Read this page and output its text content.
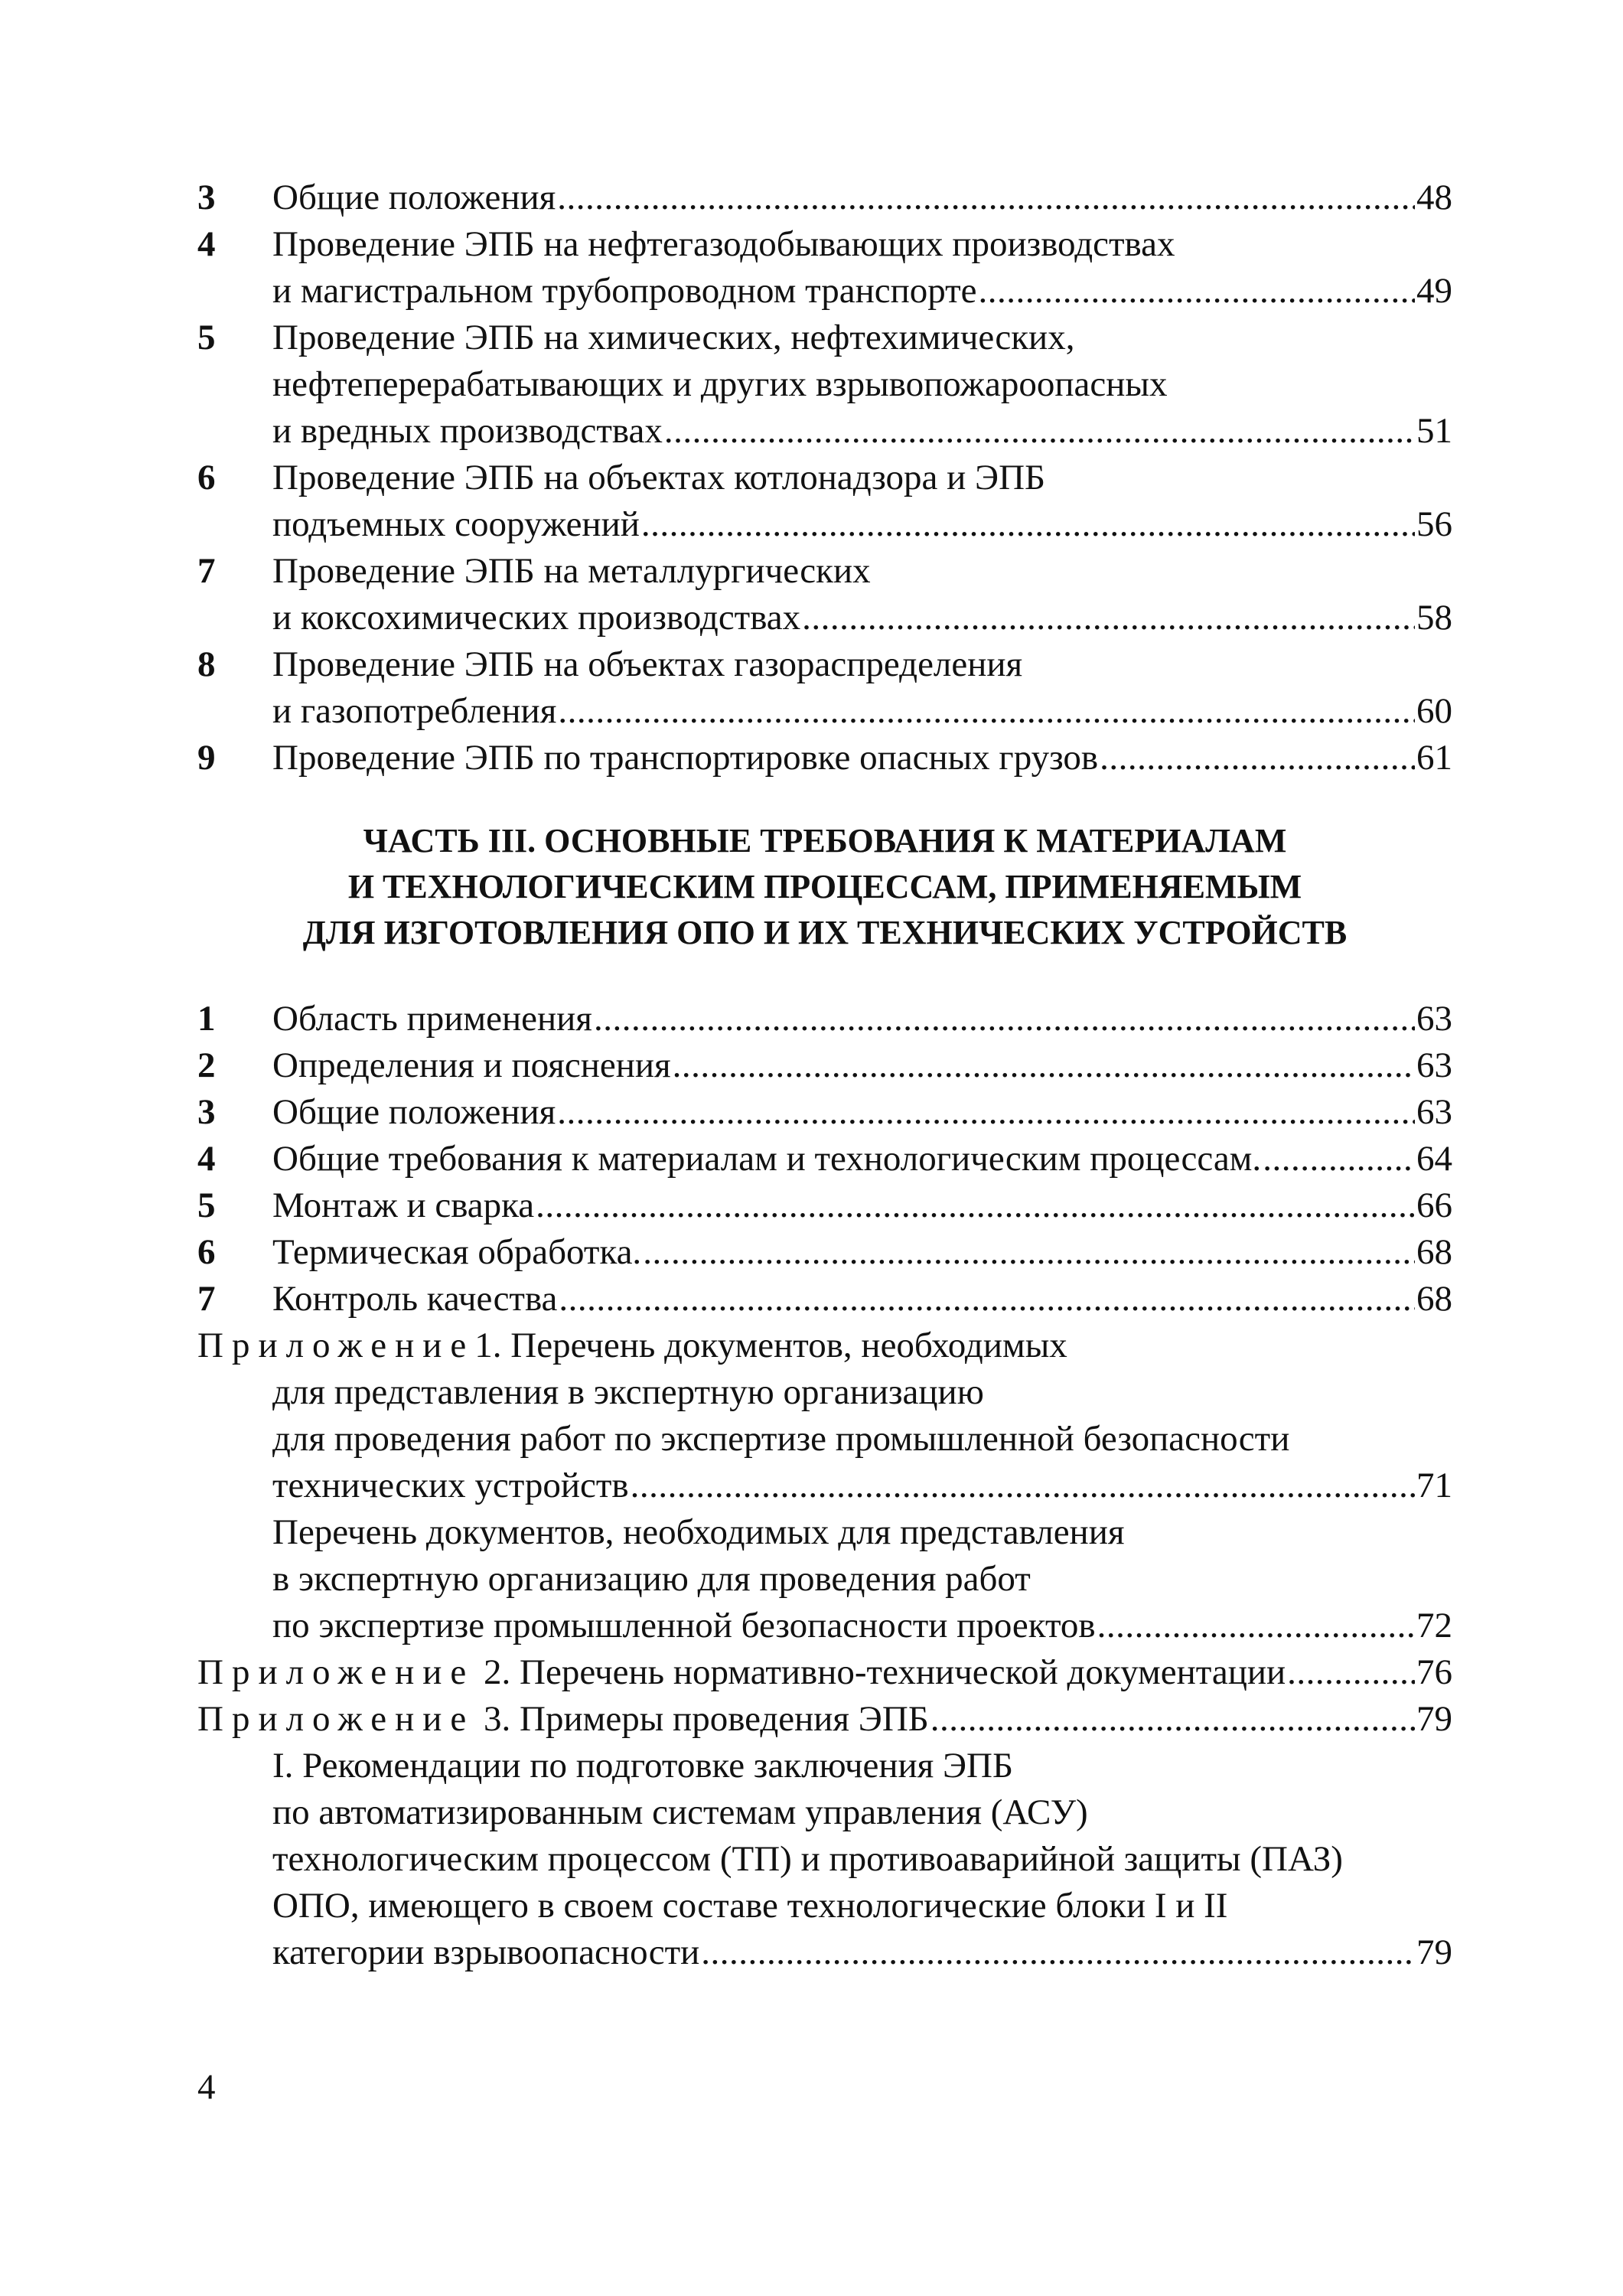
3	Общие положения .....	48
4	Проведение ЭПБ на нефтегазодобывающих производствах
и магистральном трубопроводном транспорте .....	49
5	Проведение ЭПБ на химических, нефтехимических,
нефтеперерабатывающих и других взрывопожароопасных
и вредных производствах .....	51
6	Проведение ЭПБ на объектах котлонадзора и ЭПБ
подъемных сооружений .....	56
7	Проведение ЭПБ на металлургических
и коксохимических производствах .....	58
8	Проведение ЭПБ на объектах газораспределения
и газопотребления .....	60
9	Проведение ЭПБ по транспортировке опасных грузов .....	61
ЧАСТЬ III. ОСНОВНЫЕ ТРЕБОВАНИЯ К МАТЕРИАЛАМ
И ТЕХНОЛОГИЧЕСКИМ ПРОЦЕССАМ, ПРИМЕНЯЕМЫМ
ДЛЯ ИЗГОТОВЛЕНИЯ ОПО И ИХ ТЕХНИЧЕСКИХ УСТРОЙСТВ
1	Область применения .....	63
2	Определения и пояснения .....	63
3	Общие положения .....	63
4	Общие требования к материалам и технологическим процессам. .....	64
5	Монтаж и сварка .....	66
6	Термическая обработка. .....	68
7	Контроль качества .....	68
Приложение 1. Перечень документов, необходимых
для представления в экспертную организацию
для проведения работ по экспертизе промышленной безопасности
технических устройств .....	71
Перечень документов, необходимых для представления
в экспертную организацию для проведения работ
по экспертизе промышленной безопасности проектов .....	72
Приложение 2. Перечень нормативно-технической документации .....	76
Приложение 3. Примеры проведения ЭПБ .....	79
I. Рекомендации по подготовке заключения ЭПБ
по автоматизированным системам управления (АСУ)
технологическим процессом (ТП) и противоаварийной защиты (ПАЗ)
ОПО, имеющего в своем составе технологические блоки I и II
категории взрывоопасности .....	79
4
